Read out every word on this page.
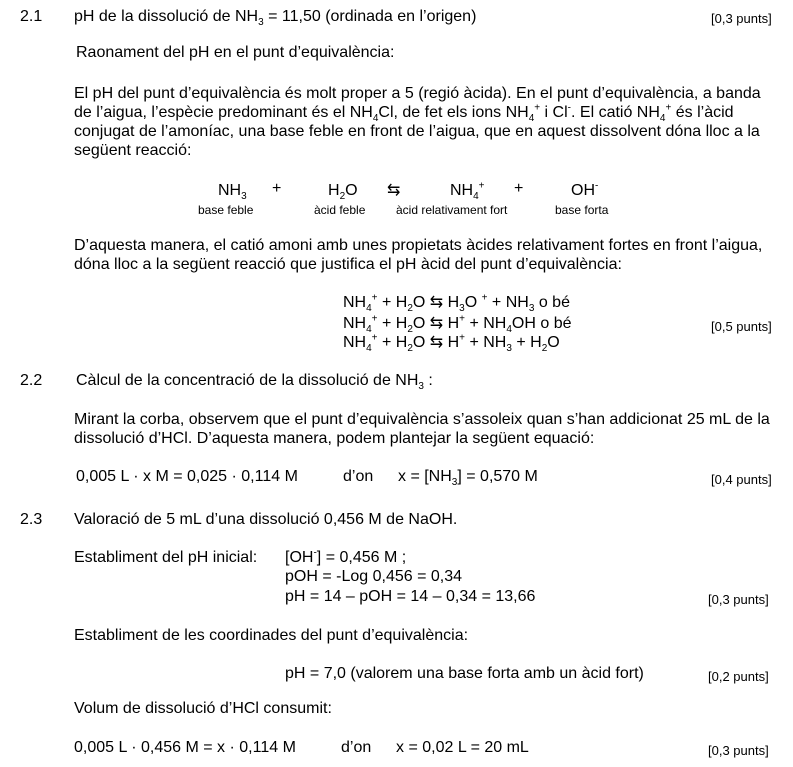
2.1 pH de la dissolució de $NH_3 = 11,50$ (ordinada en l’origen)	[0,3 punts]
Raonament del pH en el punt d’equivalència:
El pH del punt d’equivalència és molt proper a 5 (regió àcida). En el punt d’equivalència, a banda de l’aigua, l’espècie predominant és el $NH_4Cl$, de fet els ions $NH_4^+$ i Cl-. El catió $NH_4^+$ és l’àcid conjugat de l’amoníac, una base feble en front de l’aigua, que en aquest dissolvent dóna lloc a la següent reacció:
$NH_3$ +	$H_2O$ ⇆	$NH_4^+$ +	OH-
base feble	àcid feble	àcid relativament fort	base forta
D’aquesta manera, el catió amoni amb unes propietats àcides relativament fortes en front l’aigua, dóna lloc a la següent reacció que justifica el pH àcid del punt d’equivalència:
$NH_4^+ + H_2O$ ⇆ $H_3O$ $^+ + NH_3$ o bé
$NH_4^+ + H_2O$ ⇆ $H^+ + NH_4OH$ o bé
$NH_4^+ + H_2O$ ⇆ $H^+ + NH_3 + H_2O$
[0,5 punts]
2.2 Càlcul de la concentració de la dissolució de $NH_3$ :
Mirant la corba, observem que el punt d’equivalència s’assoleix quan s’han addicionat 25 mL de la dissolució d’HCl. D’aquesta manera, podem plantejar la següent equació:
0,005 L · x M = 0,025 · 0,114 M	d’on $x = [NH_3] = 0,570$ M	[0,4 punts]
2.3 Valoració de 5 mL d’una dissolució 0,456 M de NaOH.
Establiment del pH inicial: [OH-] = 0,456 M ;
pOH = -Log 0,456 = 0,34
pH = 14 – pOH = 14 – 0,34 = 13,66	[0,3 punts]
Establiment de les coordinades del punt d’equivalència:
pH = 7,0 (valorem una base forta amb un àcid fort)	[0,2 punts]
Volum de dissolució d’HCl consumit:
0,005 L · 0,456 M = x · 0,114 M	d’on x = 0,02 L = 20 mL	[0,3 punts]
